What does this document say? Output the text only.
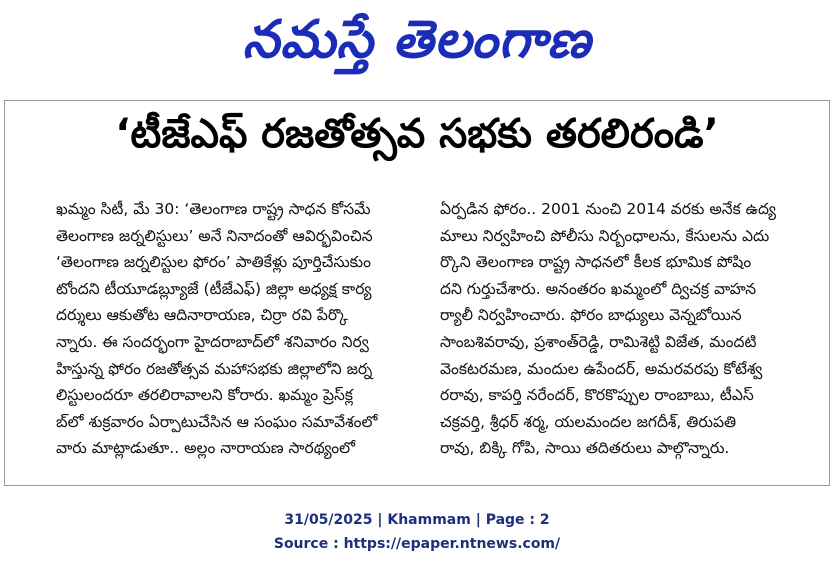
నమస్తే తెలంగాణ
‘టీజేఎఫ్ రజతోత్సవ సభకు తరలిరండి’
ఖమ్మం సిటీ, మే 30: ‘తెలంగాణ రాష్ట్ర సాధన కోసమే
తెలంగాణ జర్నలిస్టులు’ అనే నినాదంతో ఆవిర్భవించిన
‘తెలంగాణ జర్నలిస్టుల ఫోరం’ పాతికేళ్లు పూర్తిచేసుకుం
టోందని టీయూడబ్ల్యూజే (టీజేఎఫ్) జిల్లా అధ్యక్ష కార్య
దర్శులు ఆకుతోట ఆదినారాయణ, చిర్రా రవి పేర్కొ
న్నారు. ఈ సందర్భంగా హైదరాబాద్‌లో శనివారం నిర్వ
హిస్తున్న ఫోరం రజతోత్సవ మహాసభకు జిల్లాలోని జర్న
లిస్టులందరూ తరలిరావాలని కోరారు. ఖమ్మం ప్రెస్‌క్ల
బ్‌లో శుక్రవారం ఏర్పాటుచేసిన ఆ సంఘం సమావేశంలో
వారు మాట్లాడుతూ.. అల్లం నారాయణ సారథ్యంలో
ఏర్పడిన ఫోరం.. 2001 నుంచి 2014 వరకు అనేక ఉద్య
మాలు నిర్వహించి పోలీసు నిర్బంధాలను, కేసులను ఎదు
ర్కొని తెలంగాణ రాష్ట్ర సాధనలో కీలక భూమిక పోషిం
దని గుర్తుచేశారు. అనంతరం ఖమ్మంలో ద్విచక్ర వాహన
ర్యాలీ నిర్వహించారు. ఫోరం బాధ్యులు వెన్నబోయిన
సాంబశివరావు, ప్రశాంత్‌రెడ్డి, రామిశెట్టి విజేత, మందటి
వెంకటరమణ, మందుల ఉపేందర్, అమరవరపు కోటేశ్వ
రరావు, కాపర్తి నరేందర్, కొరకొప్పుల రాంబాబు, టీఎస్
చక్రవర్తి, శ్రీధర్ శర్మ, యలమందల జగదీశ్, తిరుపతి
రావు, బిక్కి గోపి, సాయి తదితరులు పాల్గొన్నారు.
31/05/2025 | Khammam | Page : 2
Source : https://epaper.ntnews.com/
